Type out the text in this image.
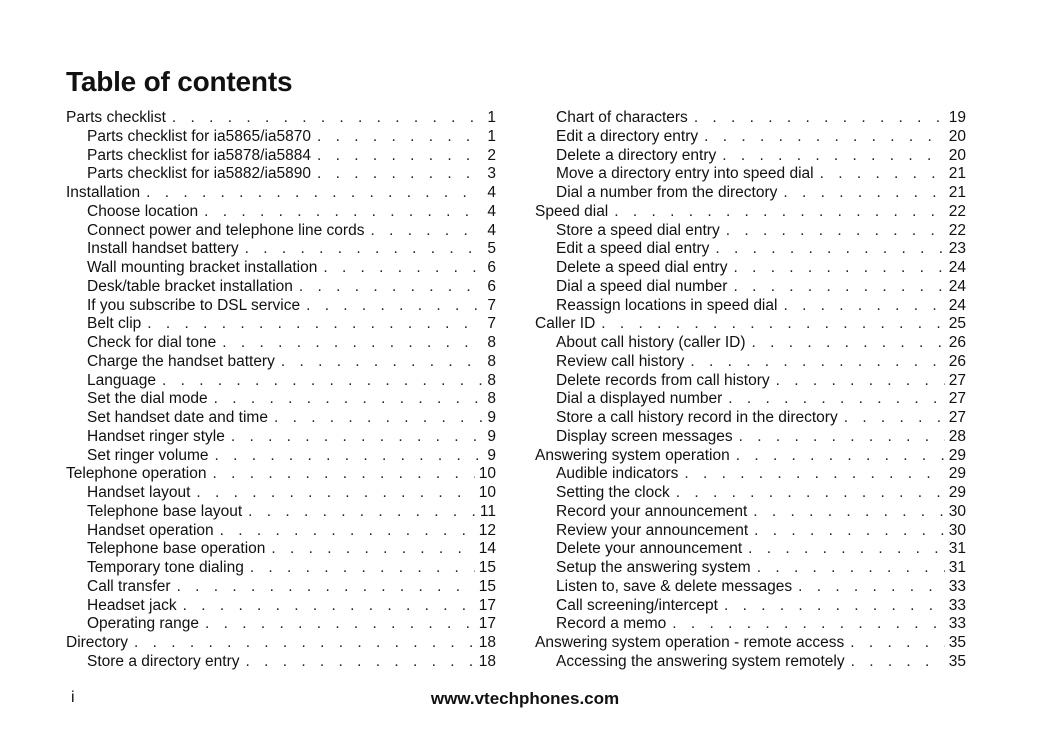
Table of contents
Parts checklist . . .	1
Parts checklist for ia5865/ia5870 . . .	1
Parts checklist for ia5878/ia5884 . . .	2
Parts checklist for ia5882/ia5890 . . .	3
Installation . . .	4
Choose location . . .	4
Connect power and telephone line cords . . .	4
Install handset battery . . .	5
Wall mounting bracket installation . . .	6
Desk/table bracket installation . . .	6
If you subscribe to DSL service . . .	7
Belt clip . . .	7
Check for dial tone . . .	8
Charge the handset battery . . .	8
Language . . .	8
Set the dial mode . . .	8
Set handset date and time . . .	9
Handset ringer style . . .	9
Set ringer volume . . .	9
Telephone operation . . .	10
Handset layout . . .	10
Telephone base layout . . .	11
Handset operation . . .	12
Telephone base operation . . .	14
Temporary tone dialing . . .	15
Call transfer . . .	15
Headset jack . . .	17
Operating range . . .	17
Directory . . .	18
Store a directory entry . . .	18
Chart of characters . . .	19
Edit a directory entry . . .	20
Delete a directory entry . . .	20
Move a directory entry into speed dial . . .	21
Dial a number from the directory . . .	21
Speed dial . . .	22
Store a speed dial entry . . .	22
Edit a speed dial entry . . .	23
Delete a speed dial entry . . .	24
Dial a speed dial number . . .	24
Reassign locations in speed dial . . .	24
Caller ID . . .	25
About call history (caller ID) . . .	26
Review call history . . .	26
Delete records from call history . . .	27
Dial a displayed number . . .	27
Store a call history record in the directory . . .	27
Display screen messages . . .	28
Answering system operation . . .	29
Audible indicators . . .	29
Setting the clock . . .	29
Record your announcement . . .	30
Review your announcement . . .	30
Delete your announcement . . .	31
Setup the answering system . . .	31
Listen to, save & delete messages . . .	33
Call screening/intercept . . .	33
Record a memo . . .	33
Answering system operation - remote access . . .	35
Accessing the answering system remotely . . .	35
i	www.vtechphones.com
